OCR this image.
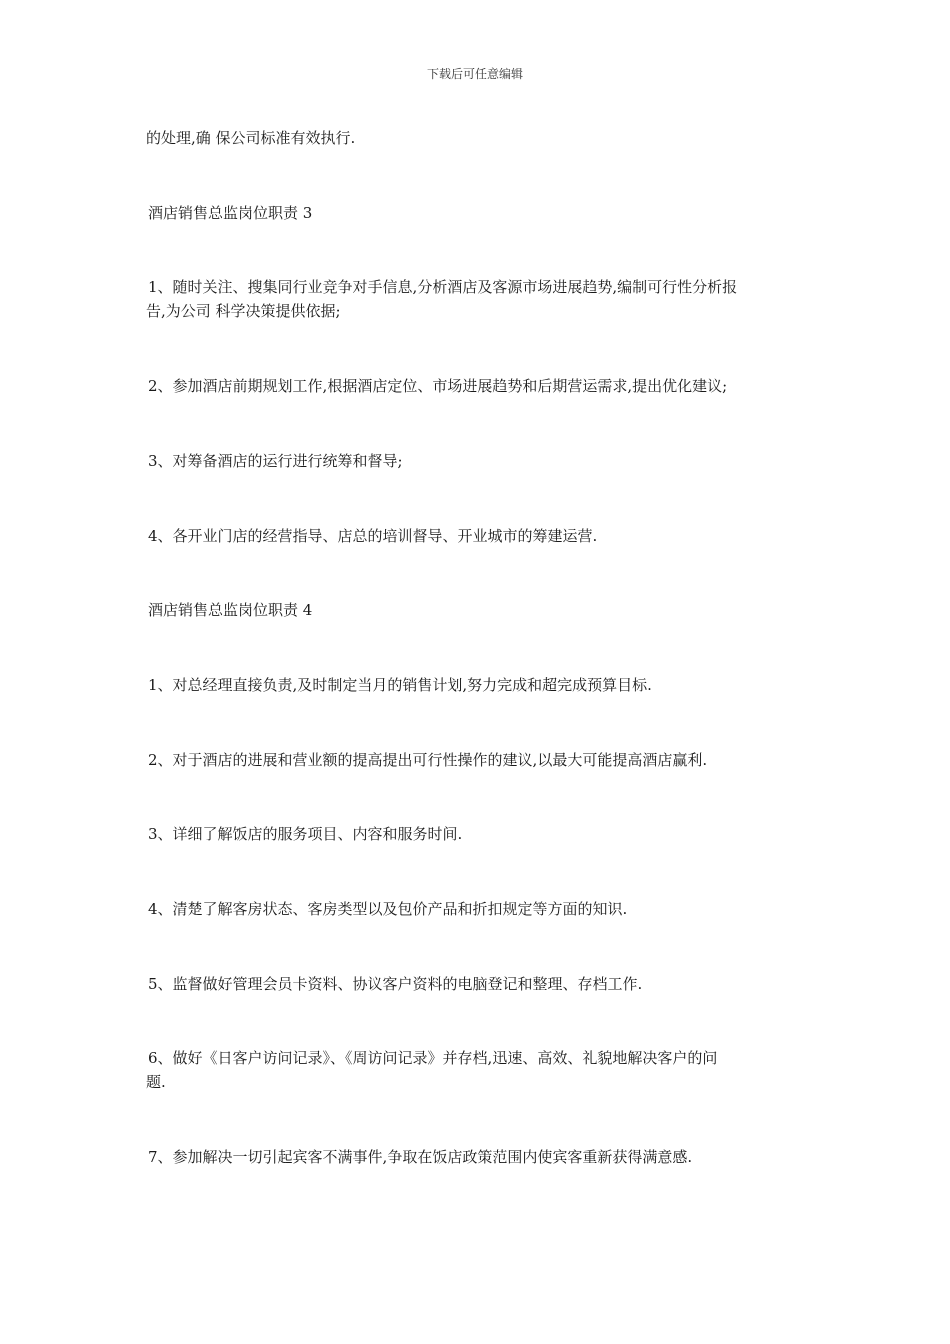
下载后可任意编辑
的处理,确 保公司标准有效执行.
酒店销售总监岗位职责 3
1、随时关注、搜集同行业竞争对手信息,分析酒店及客源市场进展趋势,编制可行性分析报
告,为公司 科学决策提供依据;
2、参加酒店前期规划工作,根据酒店定位、市场进展趋势和后期营运需求,提出优化建议;
3、对筹备酒店的运行进行统筹和督导;
4、各开业门店的经营指导、店总的培训督导、开业城市的筹建运营.
酒店销售总监岗位职责 4
1、对总经理直接负责,及时制定当月的销售计划,努力完成和超完成预算目标.
2、对于酒店的进展和营业额的提高提出可行性操作的建议,以最大可能提高酒店赢利.
3、详细了解饭店的服务项目、内容和服务时间.
4、清楚了解客房状态、客房类型以及包价产品和折扣规定等方面的知识.
5、监督做好管理会员卡资料、协议客户资料的电脑登记和整理、存档工作.
6、做好《日客户访问记录》、《周访问记录》并存档,迅速、高效、礼貌地解决客户的问
题.
7、参加解决一切引起宾客不满事件,争取在饭店政策范围内使宾客重新获得满意感.
